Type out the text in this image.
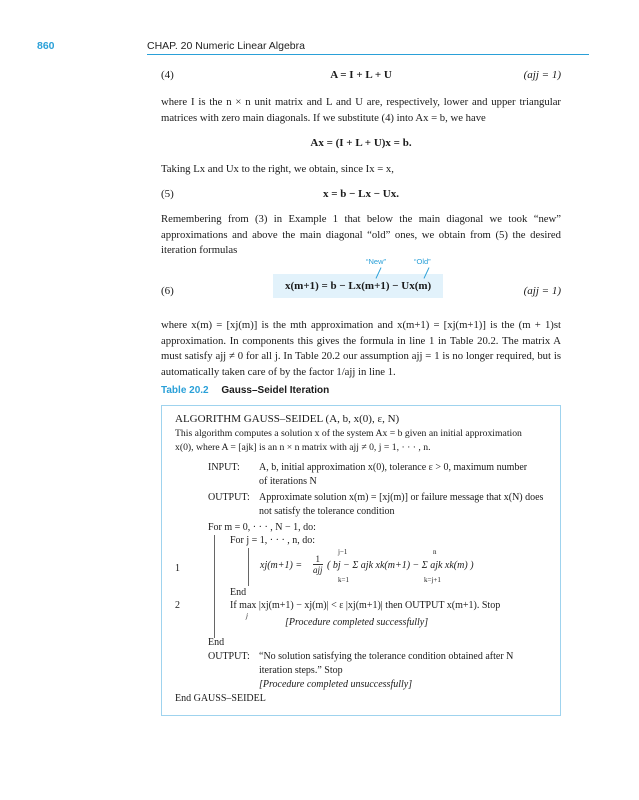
860	CHAP. 20 Numeric Linear Algebra
(4)	A = I + L + U	(ajj = 1)
where I is the n × n unit matrix and L and U are, respectively, lower and upper triangular matrices with zero main diagonals. If we substitute (4) into Ax = b, we have
Ax = (I + L + U)x = b.
Taking Lx and Ux to the right, we obtain, since Ix = x,
(5)	x = b − Lx − Ux.
Remembering from (3) in Example 1 that below the main diagonal we took “new” approximations and above the main diagonal “old” ones, we obtain from (5) the desired iteration formulas
“New”	“Old”
(6)	(ajj = 1)
x(m+1) = b − Lx(m+1) − Ux(m)
where x(m) = [xj(m)] is the mth approximation and x(m+1) = [xj(m+1)] is the (m + 1)st approximation. In components this gives the formula in line 1 in Table 20.2. The matrix A must satisfy ajj ≠ 0 for all j. In Table 20.2 our assumption ajj = 1 is no longer required, but is automatically taken care of by the factor 1/ajj in line 1.
Table 20.2 Gauss–Seidel Iteration
ALGORITHM GAUSS–SEIDEL (A, b, x(0), ε, N)
This algorithm computes a solution x of the system Ax = b given an initial approximation
x(0), where A = [ajk] is an n × n matrix with ajj ≠ 0, j = 1, · · · , n.
INPUT: A, b, initial approximation x(0), tolerance ε > 0, maximum number
of iterations N
OUTPUT: Approximate solution x(m) = [xj(m)] or failure message that x(N) does
not satisfy the tolerance condition
For m = 0, · · · , N − 1, do:
For j = 1, · · · , n, do:
1
j−1
k=1
n
k=j+1
$xj(m+1) = \frac{1}{\text{ajj}}$ ( bj − Σ ajk xk(m+1) − Σ ajk xk(m) )
End
2	If max |xj(m+1) − xj(m)| < ε |xj(m+1)| then OUTPUT x(m+1). Stop
j
[Procedure completed successfully]
End
OUTPUT: “No solution satisfying the tolerance condition obtained after N
iteration steps.” Stop
[Procedure completed unsuccessfully]
End GAUSS–SEIDEL
